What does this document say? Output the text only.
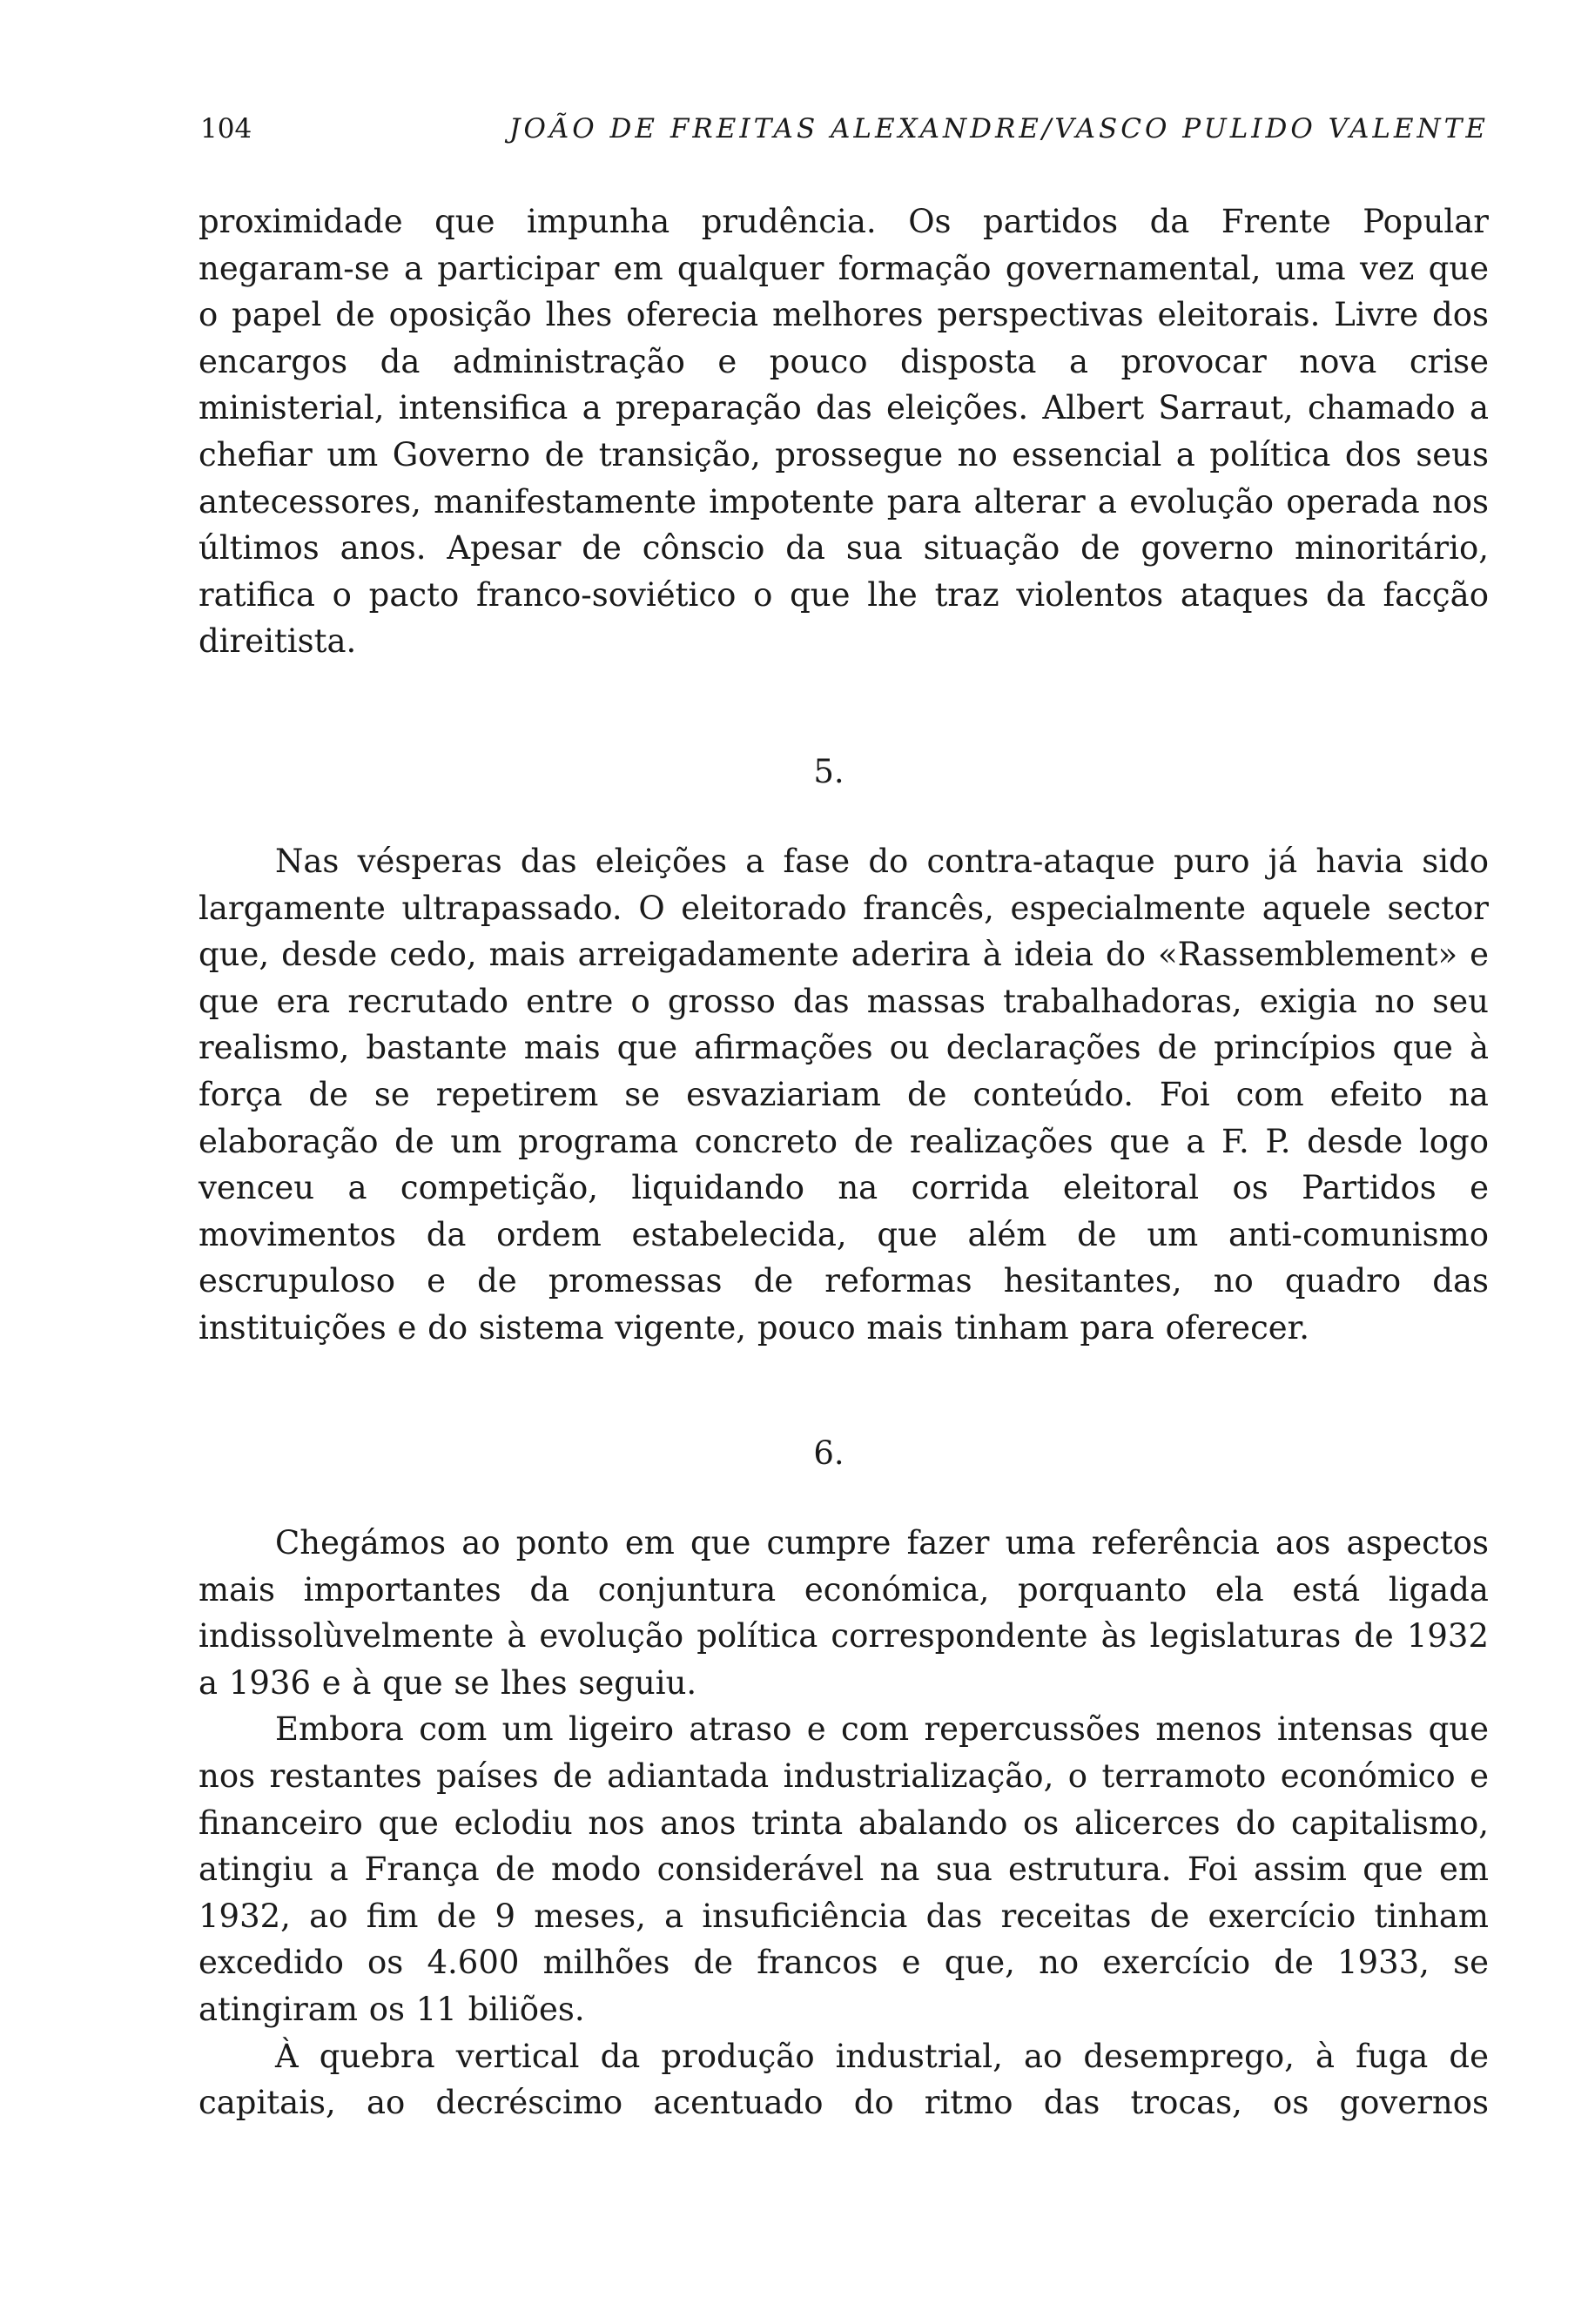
104	JOÃO DE FREITAS ALEXANDRE/VASCO PULIDO VALENTE

proximidade que impunha prudência. Os partidos da Frente Popular negaram-se a participar em qualquer formação governamental, uma vez que o papel de oposição lhes oferecia melhores perspectivas eleitorais. Livre dos encargos da administração e pouco disposta a provocar nova crise ministerial, intensifica a preparação das eleições. Albert Sarraut, chamado a chefiar um Governo de transição, prossegue no essencial a política dos seus antecessores, manifestamente impotente para alterar a evolução operada nos últimos anos. Apesar de cônscio da sua situação de governo minoritário, ratifica o pacto franco-soviético o que lhe traz violentos ataques da facção direitista.

5.

Nas vésperas das eleições a fase do contra-ataque puro já havia sido largamente ultrapassado. O eleitorado francês, especialmente aquele sector que, desde cedo, mais arreigadamente aderira à ideia do «Rassemblement» e que era recrutado entre o grosso das massas trabalhadoras, exigia no seu realismo, bastante mais que afirmações ou declarações de princípios que à força de se repetirem se esvaziariam de conteúdo. Foi com efeito na elaboração de um programa concreto de realizações que a F. P. desde logo venceu a competição, liquidando na corrida eleitoral os Partidos e movimentos da ordem estabelecida, que além de um anti-comunismo escrupuloso e de promessas de reformas hesitantes, no quadro das instituições e do sistema vigente, pouco mais tinham para oferecer.

6.

Chegámos ao ponto em que cumpre fazer uma referência aos aspectos mais importantes da conjuntura económica, porquanto ela está ligada indissolùvelmente à evolução política correspondente às legislaturas de 1932 a 1936 e à que se lhes seguiu.

Embora com um ligeiro atraso e com repercussões menos intensas que nos restantes países de adiantada industrialização, o terramoto económico e financeiro que eclodiu nos anos trinta abalando os alicerces do capitalismo, atingiu a França de modo considerável na sua estrutura. Foi assim que em 1932, ao fim de 9 meses, a insuficiência das receitas de exercício tinham excedido os 4.600 milhões de francos e que, no exercício de 1933, se atingiram os 11 biliões.

À quebra vertical da produção industrial, ao desemprego, à fuga de capitais, ao decréscimo acentuado do ritmo das trocas, os governos
